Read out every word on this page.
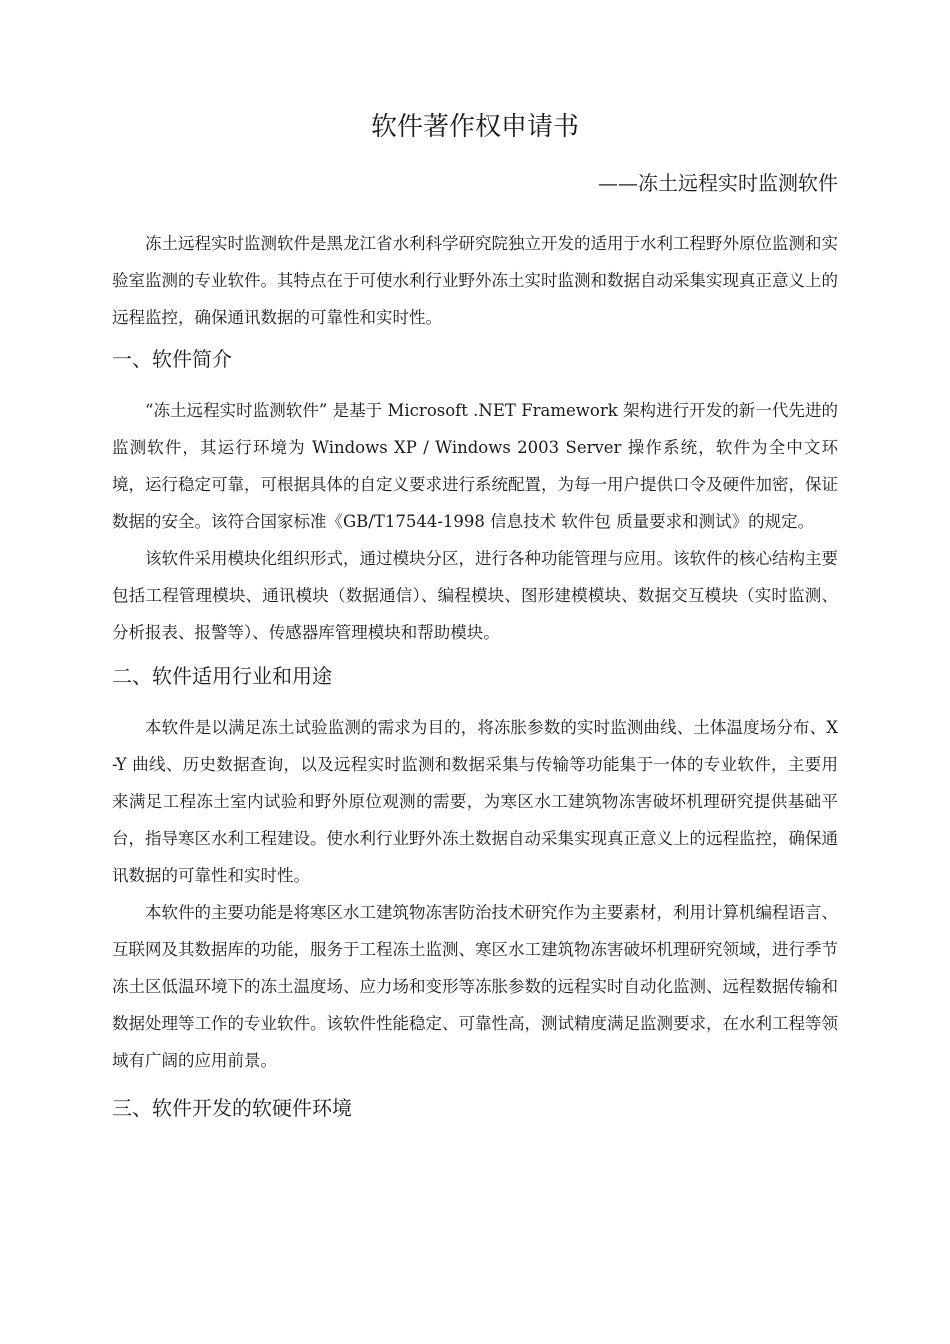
软件著作权申请书
——冻土远程实时监测软件

冻土远程实时监测软件是黑龙江省水利科学研究院独立开发的适用于水利工程野外原位监测和实验室监测的专业软件。其特点在于可使水利行业野外冻土实时监测和数据自动采集实现真正意义上的远程监控，确保通讯数据的可靠性和实时性。

一、软件简介

“冻土远程实时监测软件” 是基于 Microsoft .NET Framework 架构进行开发的新一代先进的监测软件，其运行环境为 Windows XP / Windows 2003 Server 操作系统，软件为全中文环境，运行稳定可靠，可根据具体的自定义要求进行系统配置，为每一用户提供口令及硬件加密，保证数据的安全。该符合国家标准《GB/T17544-1998 信息技术 软件包 质量要求和测试》的规定。

该软件采用模块化组织形式，通过模块分区，进行各种功能管理与应用。该软件的核心结构主要包括工程管理模块、通讯模块（数据通信）、编程模块、图形建模模块、数据交互模块（实时监测、分析报表、报警等）、传感器库管理模块和帮助模块。

二、软件适用行业和用途

本软件是以满足冻土试验监测的需求为目的，将冻胀参数的实时监测曲线、土体温度场分布、X-Y 曲线、历史数据查询，以及远程实时监测和数据采集与传输等功能集于一体的专业软件，主要用来满足工程冻土室内试验和野外原位观测的需要，为寒区水工建筑物冻害破坏机理研究提供基础平台，指导寒区水利工程建设。使水利行业野外冻土数据自动采集实现真正意义上的远程监控，确保通讯数据的可靠性和实时性。

本软件的主要功能是将寒区水工建筑物冻害防治技术研究作为主要素材，利用计算机编程语言、互联网及其数据库的功能，服务于工程冻土监测、寒区水工建筑物冻害破坏机理研究领域，进行季节冻土区低温环境下的冻土温度场、应力场和变形等冻胀参数的远程实时自动化监测、远程数据传输和数据处理等工作的专业软件。该软件性能稳定、可靠性高，测试精度满足监测要求，在水利工程等领域有广阔的应用前景。

三、软件开发的软硬件环境
